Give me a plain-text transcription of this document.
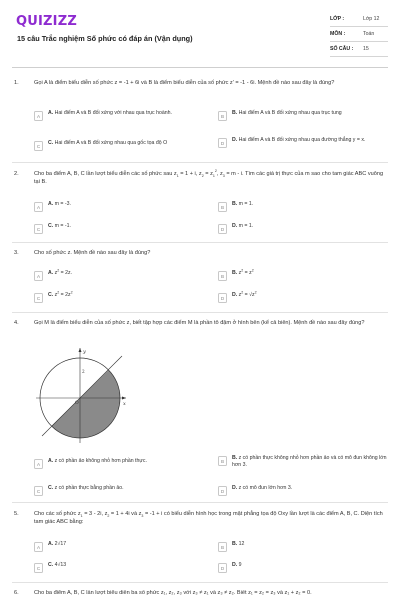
QUIZIZZ
15 câu Trắc nghiệm Số phức có đáp án (Vận dụng)
LỚP :	Lớp 12
MÔN :	Toán
SỐ CÂU : 15
1.	Gọi A là điểm biểu diễn số phức z = -1 + 6i và B là điểm biểu diễn của số phức z' = -1 - 6i. Mệnh đề nào sau đây là đúng?
A
A. Hai điểm A và B đối xứng với nhau qua trục hoành.
B
B. Hai điểm A và B đối xứng nhau qua trục tung
C
C. Hai điểm A và B đối xứng nhau qua gốc tọa độ O	D
D. Hai điểm A và B đối xứng nhau qua đường thẳng y = x.
2.	Cho ba điểm A, B, C lần lượt biểu diễn các số phức sau $z_1 = 1 + i$, $z_2 = z_1^2$, $z_3 = m - i$. Tìm các giá trị thực của m sao cho tam giác ABC vuông tại B.
A
A. m = -3.
B
B. m = 1.
C
C. m = -1.
D
D. m = 1.
3.	Cho số phức z. Mệnh đề nào sau đây là đúng?
A
A. $z^2 = 2z$.
B
B. $z^2 = z^2$
C
C. $z^2 = 2z^2$
D
D. $z^2 = √z^2$
4.	Gọi M là điểm biểu diễn của số phức z, biết tập hợp các điểm M là phần tô đậm ở hình bên (kể cả biên). Mệnh đề nào sau đây đúng?
x
y
O
2
A
A. z có phần ảo không nhỏ hơn phần thực.	B
B. z có phần thực không nhỏ hơn phần ảo và có mô đun không lớn hơn 3.
C
C. z có phần thực bằng phần ảo.
D
D. z có mô đun lớn hơn 3.
5.	Cho các số phức $z_1 = 3 - 2i$, $z_2 = 1 + 4i$ và $z_3 = -1 + i$ có biểu diễn hình học trong mặt phẳng tọa độ Oxy lần lượt là các điểm A, B, C. Diện tích tam giác ABC bằng:
A
A. 2√17
B
B. 12
C
C. 4√13
D
D. 9
6.	Cho ba điểm A, B, C lần lượt biểu diễn ba số phức z₁, z₂, z₃ với z₃ ≠ z₁ và z₃ ≠ z₂. Biết z₁ = z₂ = z₃ và z₁ + z₂ = 0.
